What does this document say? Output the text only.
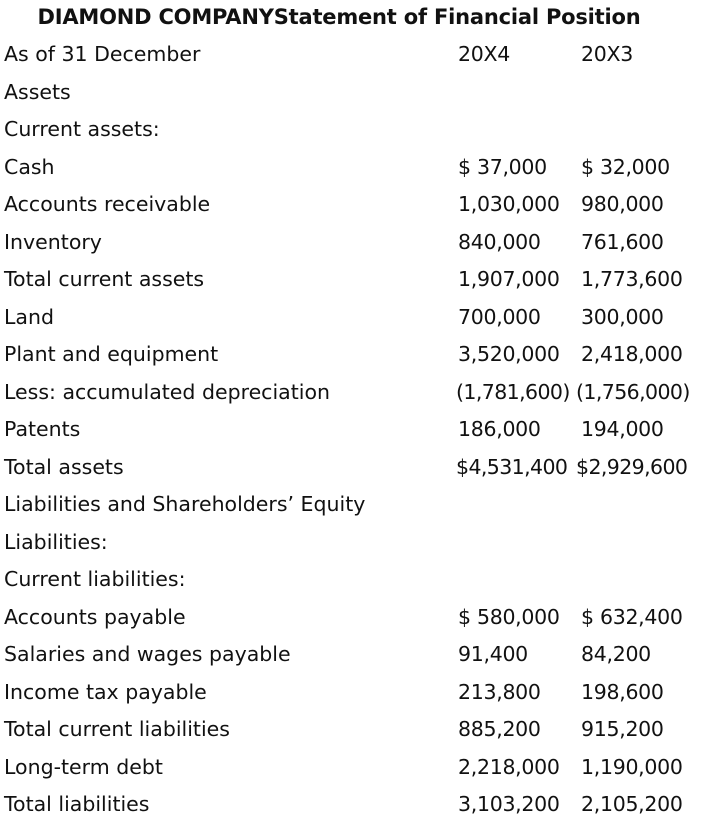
DIAMOND COMPANYStatement of Financial Position
As of 31 December	20X4	20X3
Assets
Current assets:
Cash	$ 37,000 $ 32,000
Accounts receivable	1,030,000 980,000
Inventory	840,000 761,600
Total current assets	1,907,000 1,773,600
Land	700,000 300,000
Plant and equipment	3,520,000 2,418,000
Less: accumulated depreciation	(1,781,600) (1,756,000)
Patents	186,000 194,000
Total assets	$4,531,400 $2,929,600
Liabilities and Shareholders’ Equity
Liabilities:
Current liabilities:
Accounts payable	$ 580,000 $ 632,400
Salaries and wages payable	91,400	84,200
Income tax payable	213,800 198,600
Total current liabilities	885,200 915,200
Long-term debt	2,218,000 1,190,000
Total liabilities	3,103,200 2,105,200
